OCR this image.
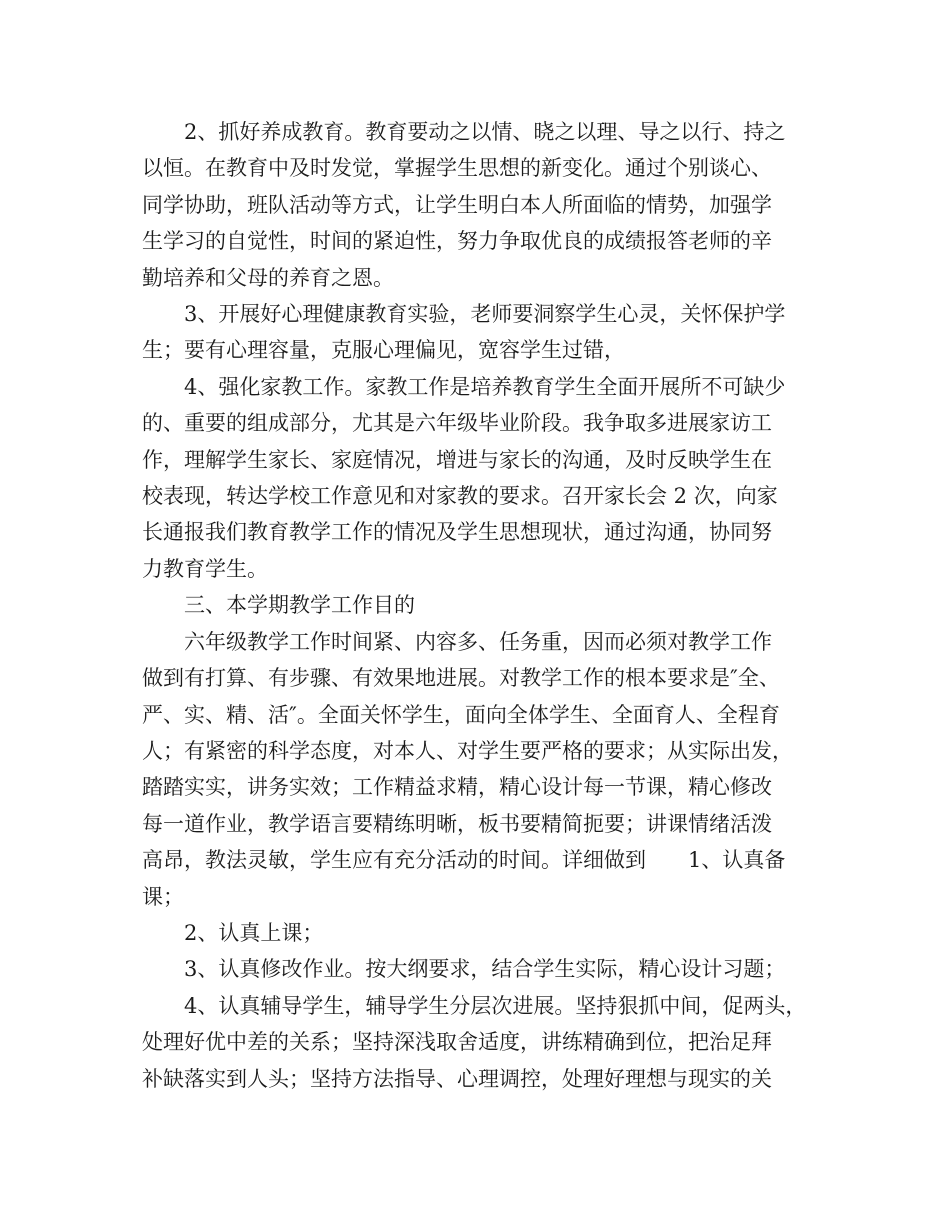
2、抓好养成教育。教育要动之以情、晓之以理、导之以行、持之
以恒。在教育中及时发觉，掌握学生思想的新变化。通过个别谈心、
同学协助，班队活动等方式，让学生明白本人所面临的情势，加强学
生学习的自觉性，时间的紧迫性，努力争取优良的成绩报答老师的辛
勤培养和父母的养育之恩。
3、开展好心理健康教育实验，老师要洞察学生心灵，关怀保护学
生；要有心理容量，克服心理偏见，宽容学生过错，
4、强化家教工作。家教工作是培养教育学生全面开展所不可缺少
的、重要的组成部分，尤其是六年级毕业阶段。我争取多进展家访工
作，理解学生家长、家庭情况，增进与家长的沟通，及时反映学生在
校表现，转达学校工作意见和对家教的要求。召开家长会 2 次，向家
长通报我们教育教学工作的情况及学生思想现状，通过沟通，协同努
力教育学生。
三、本学期教学工作目的
六年级教学工作时间紧、内容多、任务重，因而必须对教学工作
做到有打算、有步骤、有效果地进展。对教学工作的根本要求是″全、
严、实、精、活″。全面关怀学生，面向全体学生、全面育人、全程育
人；有紧密的科学态度，对本人、对学生要严格的要求；从实际出发，
踏踏实实，讲务实效；工作精益求精，精心设计每一节课，精心修改
每一道作业，教学语言要精练明晰，板书要精简扼要；讲课情绪活泼
高昂，教法灵敏，学生应有充分活动的时间。详细做到　　1、认真备
课；
2、认真上课；
3、认真修改作业。按大纲要求，结合学生实际，精心设计习题；
4、认真辅导学生，辅导学生分层次进展。坚持狠抓中间，促两头，
处理好优中差的关系；坚持深浅取舍适度，讲练精确到位，把治足拜
补缺落实到人头；坚持方法指导、心理调控，处理好理想与现实的关
